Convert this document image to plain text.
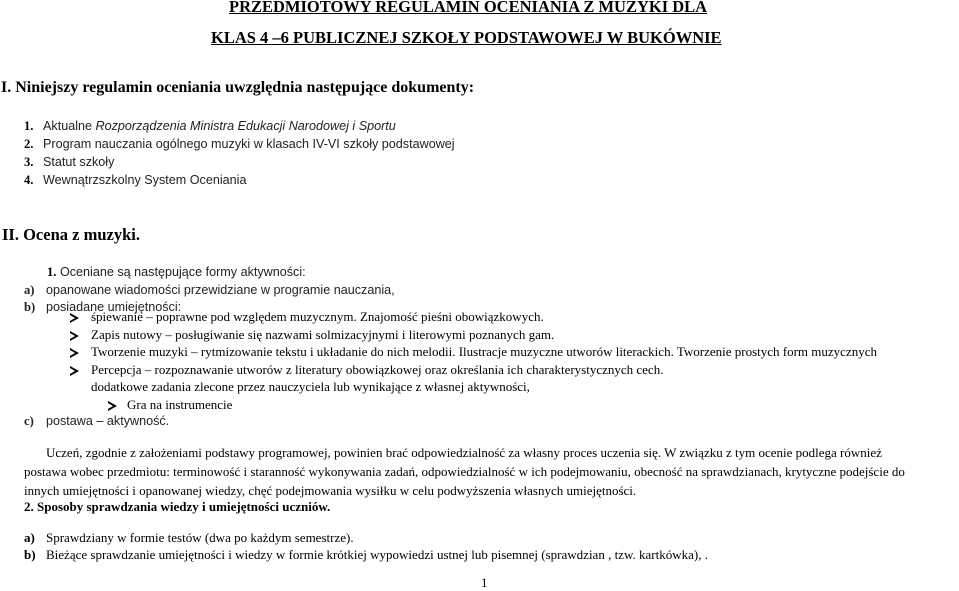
PRZEDMIOTOWY REGULAMIN OCENIANIA Z MUZYKI DLA
KLAS 4 –6 PUBLICZNEJ SZKOŁY PODSTAWOWEJ W BUKÓWNIE
I. Niniejszy regulamin oceniania uwzględnia następujące dokumenty:
1. Aktualne Rozporządzenia Ministra Edukacji Narodowej i Sportu
2. Program nauczania ogólnego muzyki w klasach IV-VI szkoły podstawowej
3. Statut szkoły
4. Wewnątrzszkolny System Oceniania
II. Ocena z muzyki.
1. Oceniane są następujące formy aktywności:
a) opanowane wiadomości przewidziane w programie nauczania,
b) posiadane umiejętności:
śpiewanie – poprawne pod względem muzycznym. Znajomość pieśni obowiązkowych.
Zapis nutowy – posługiwanie się nazwami solmizacyjnymi i literowymi poznanych gam.
Tworzenie muzyki – rytmizowanie tekstu i układanie do nich melodii. Ilustracje muzyczne utworów literackich. Tworzenie prostych form muzycznych
Percepcja – rozpoznawanie utworów z literatury obowiązkowej oraz określania ich charakterystycznych cech.
dodatkowe zadania zlecone przez nauczyciela lub wynikające z własnej aktywności,
Gra na instrumencie
c) postawa – aktywność.
Uczeń, zgodnie z założeniami podstawy programowej, powinien brać odpowiedzialność za własny proces uczenia się. W związku z tym ocenie podlega również
postawa wobec przedmiotu: terminowość i staranność wykonywania zadań, odpowiedzialność w ich podejmowaniu, obecność na sprawdzianach, krytyczne podejście do
innych umiejętności i opanowanej wiedzy, chęć podejmowania wysiłku w celu podwyższenia własnych umiejętności.
2. Sposoby sprawdzania wiedzy i umiejętności uczniów.
a) Sprawdziany w formie testów (dwa po każdym semestrze).
b) Bieżące sprawdzanie umiejętności i wiedzy w formie krótkiej wypowiedzi ustnej lub pisemnej (sprawdzian , tzw. kartkówka), .
1
